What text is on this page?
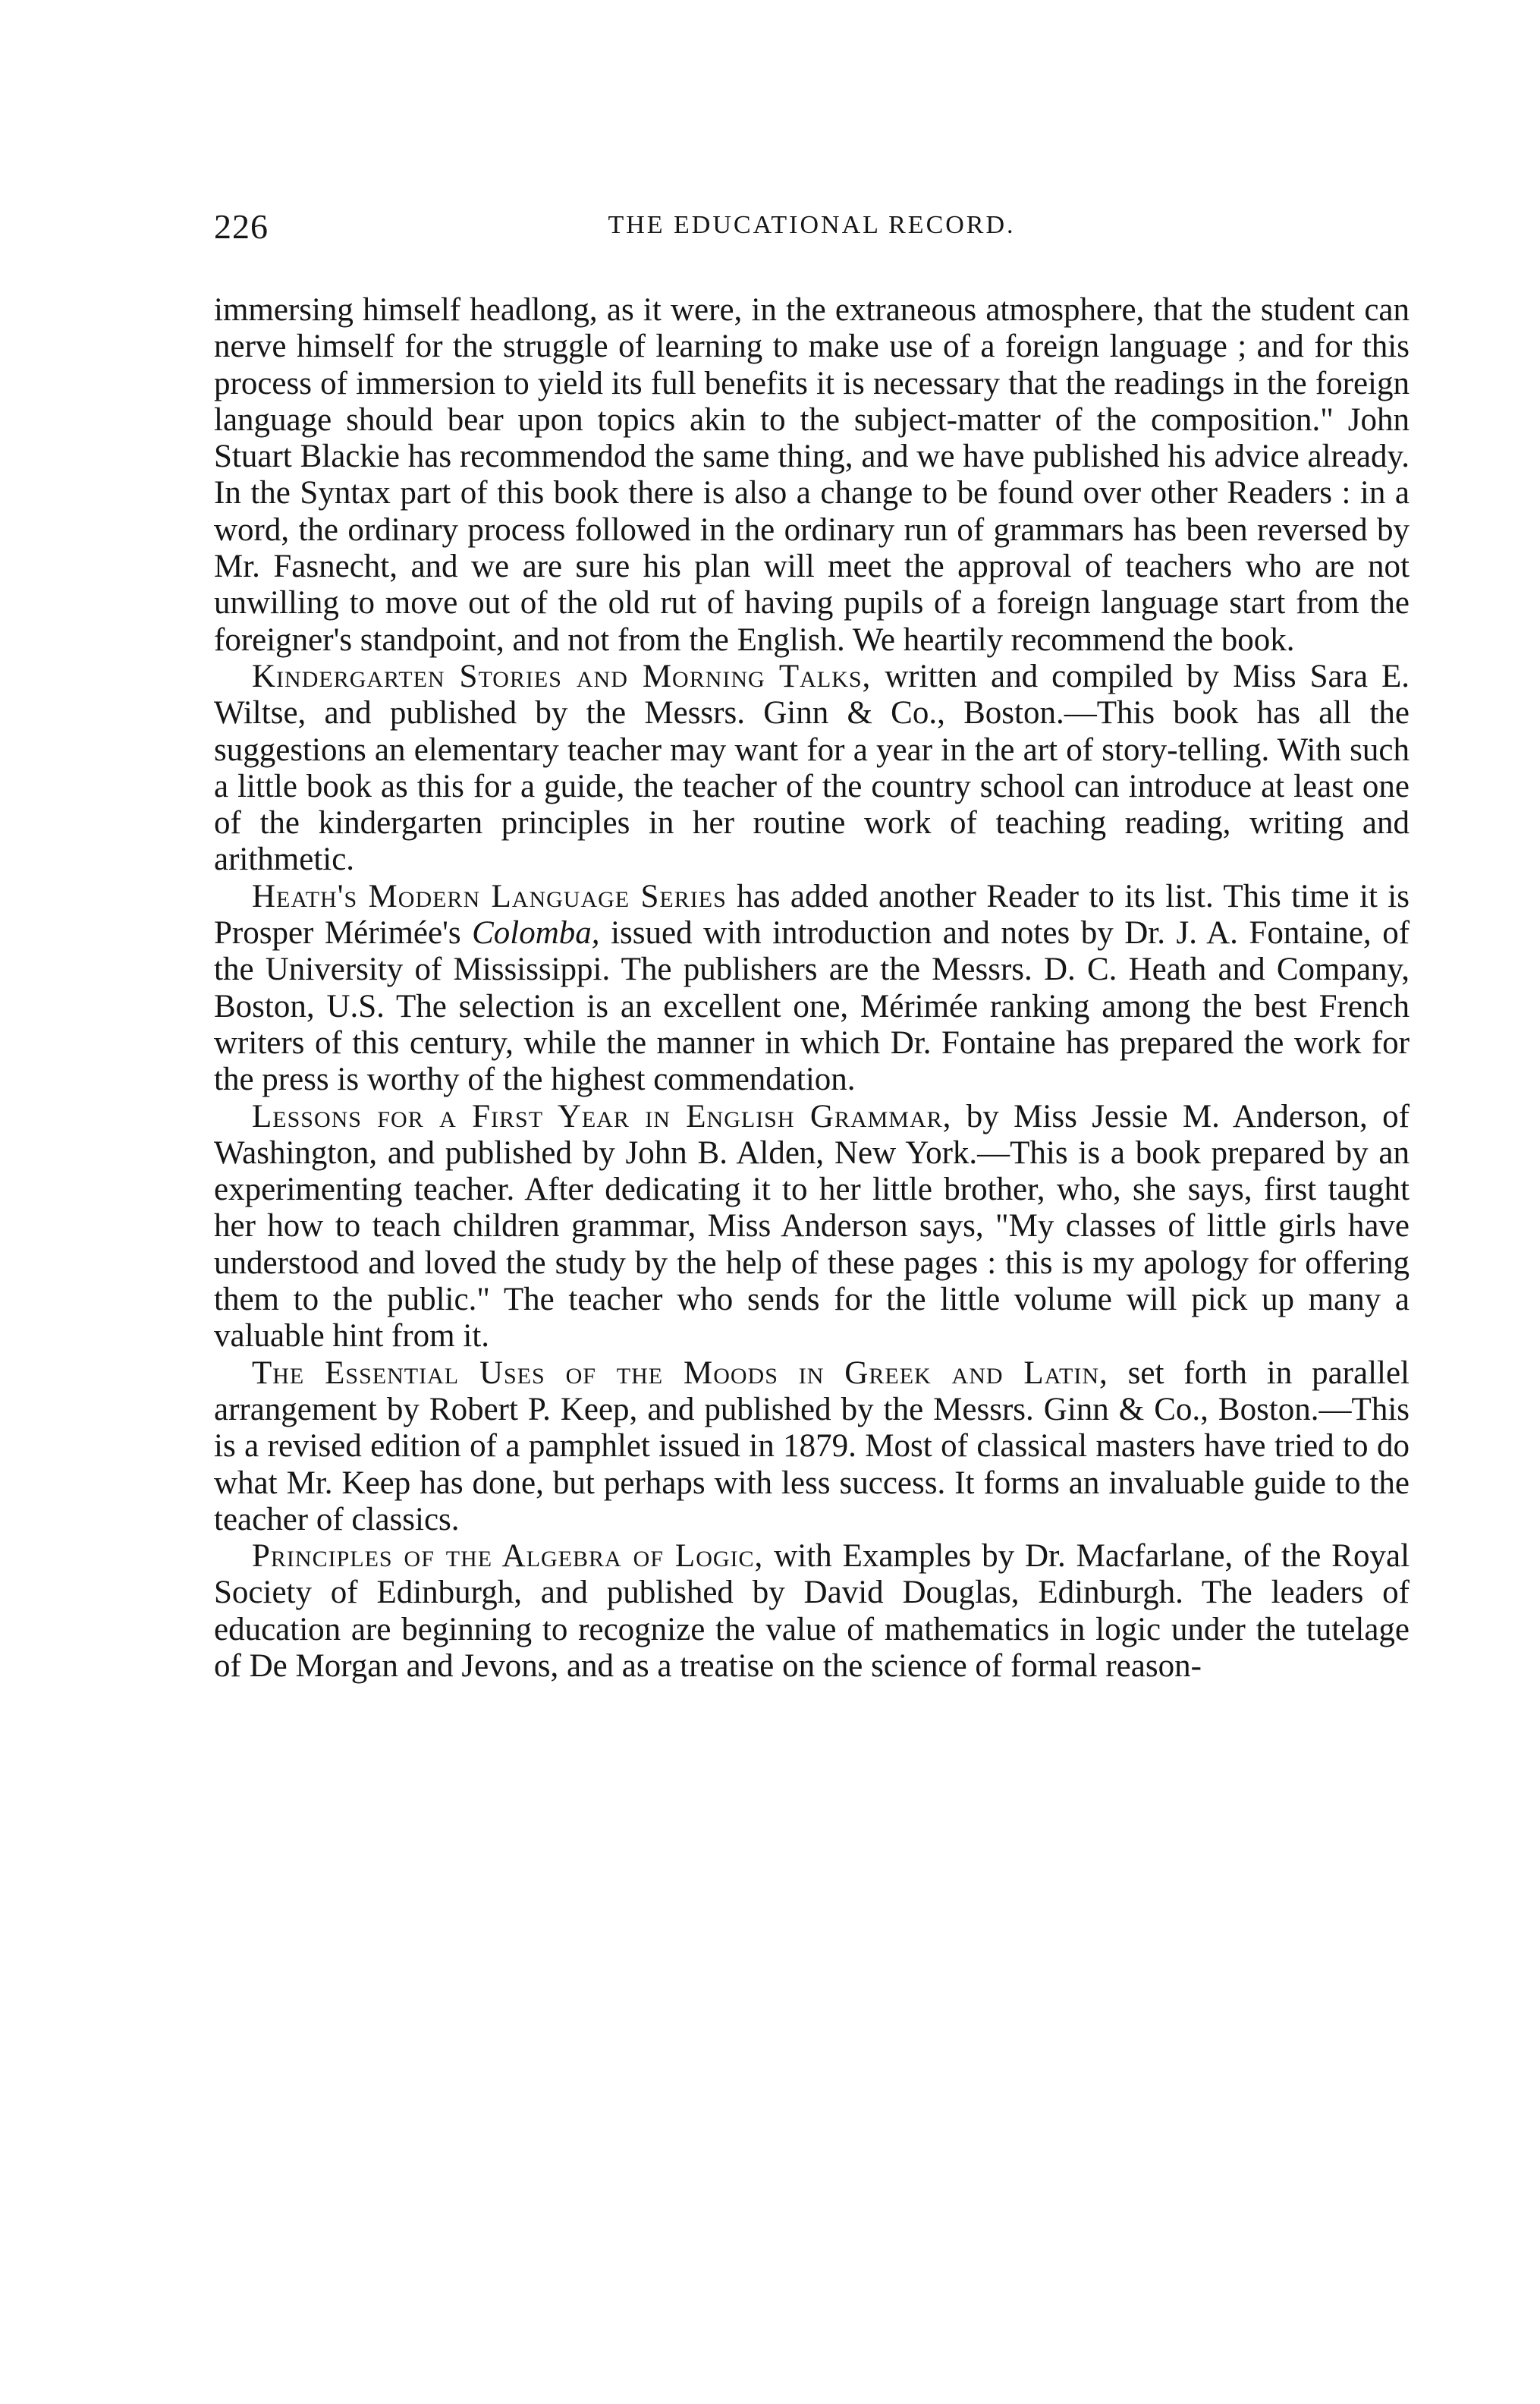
226	THE EDUCATIONAL RECORD.

immersing himself headlong, as it were, in the extraneous atmosphere, that the student can nerve himself for the struggle of learning to make use of a foreign language ; and for this process of immersion to yield its full benefits it is necessary that the readings in the foreign language should bear upon topics akin to the subject-matter of the composition." John Stuart Blackie has recommendod the same thing, and we have published his advice already. In the Syntax part of this book there is also a change to be found over other Readers : in a word, the ordinary process followed in the ordinary run of grammars has been reversed by Mr. Fasnecht, and we are sure his plan will meet the approval of teachers who are not unwilling to move out of the old rut of having pupils of a foreign language start from the foreigner's standpoint, and not from the English. We heartily recommend the book.

Kindergarten Stories and Morning Talks, written and compiled by Miss Sara E. Wiltse, and published by the Messrs. Ginn & Co., Boston.—This book has all the suggestions an elementary teacher may want for a year in the art of story-telling. With such a little book as this for a guide, the teacher of the country school can introduce at least one of the kindergarten principles in her routine work of teaching reading, writing and arithmetic.

Heath's Modern Language Series has added another Reader to its list. This time it is Prosper Mérimée's Colomba, issued with introduction and notes by Dr. J. A. Fontaine, of the University of Mississippi. The publishers are the Messrs. D. C. Heath and Company, Boston, U.S. The selection is an excellent one, Mérimée ranking among the best French writers of this century, while the manner in which Dr. Fontaine has prepared the work for the press is worthy of the highest commendation.

Lessons for a First Year in English Grammar, by Miss Jessie M. Anderson, of Washington, and published by John B. Alden, New York.—This is a book prepared by an experimenting teacher. After dedicating it to her little brother, who, she says, first taught her how to teach children grammar, Miss Anderson says, "My classes of little girls have understood and loved the study by the help of these pages : this is my apology for offering them to the public." The teacher who sends for the little volume will pick up many a valuable hint from it.

The Essential Uses of the Moods in Greek and Latin, set forth in parallel arrangement by Robert P. Keep, and published by the Messrs. Ginn & Co., Boston.—This is a revised edition of a pamphlet issued in 1879. Most of classical masters have tried to do what Mr. Keep has done, but perhaps with less success. It forms an invaluable guide to the teacher of classics.

Principles of the Algebra of Logic, with Examples by Dr. Macfarlane, of the Royal Society of Edinburgh, and published by David Douglas, Edinburgh. The leaders of education are beginning to recognize the value of mathematics in logic under the tutelage of De Morgan and Jevons, and as a treatise on the science of formal reason-
